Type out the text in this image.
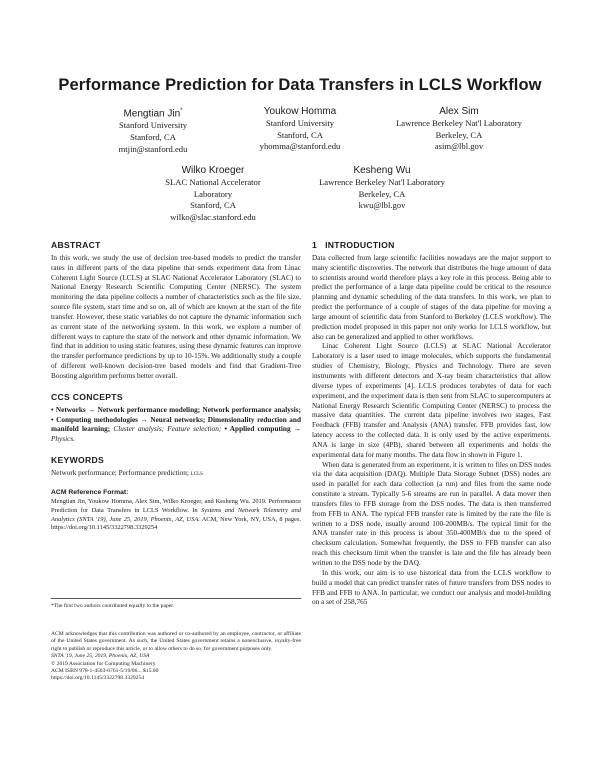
Performance Prediction for Data Transfers in LCLS Workflow
Mengtian Jin*
Stanford University
Stanford, CA
mtjin@stanford.edu
Youkow Homma
Stanford University
Stanford, CA
yhomma@stanford.edu
Alex Sim
Lawrence Berkeley Nat'l Laboratory
Berkeley, CA
asim@lbl.gov
Wilko Kroeger
SLAC National Accelerator Laboratory
Stanford, CA
wilko@slac.stanford.edu
Kesheng Wu
Lawrence Berkeley Nat'l Laboratory
Berkeley, CA
kwu@lbl.gov
ABSTRACT

In this work, we study the use of decision tree-based models to predict the transfer rates in different parts of the data pipeline that sends experiment data from Linac Coherent Light Source (LCLS) at SLAC National Accelerator Laboratory (SLAC) to National Energy Research Scientific Computing Center (NERSC). The system monitoring the data pipeline collects a number of characteristics such as the file size, source file system, start time and so on, all of which are known at the start of the file transfer. However, these static variables do not capture the dynamic information such as current state of the networking system. In this work, we explore a number of different ways to capture the state of the network and other dynamic information. We find that in addition to using static features, using these dynamic features can improve the transfer performance predictions by up to 10-15%. We additionally study a couple of different well-known decision-tree based models and find that Gradient-Tree Boosting algorithm performs better overall.

CCS CONCEPTS

• Networks → Network performance modeling; Network performance analysis; • Computing methodologies → Neural networks; Dimensionality reduction and manifold learning; Cluster analysis; Feature selection; • Applied computing → Physics.

KEYWORDS

Network performance; Performance prediction; lcls

ACM Reference Format:
Mengtian Jin, Youkow Homma, Alex Sim, Wilko Kroeger, and Kesheng Wu. 2019. Performance Prediction for Data Transfers in LCLS Workflow. In Systems and Network Telemetry and Analytics (SNTA '19), June 25, 2019, Phoenix, AZ, USA. ACM, New York, NY, USA, 8 pages. https://doi.org/10.1145/3322798.3329254
*The first two authors contributed equally to the paper.
ACM acknowledges that this contribution was authored or co-authored by an employee, contractor, or affiliate of the United States government. As such, the United States government retains a nonexclusive, royalty-free right to publish or reproduce this article, or to allow others to do so, for government purposes only.
SNTA '19, June 25, 2019, Phoenix, AZ, USA
© 2019 Association for Computing Machinery.
ACM ISBN 978-1-4503-6761-5/19/06... $15.00
https://doi.org/10.1145/3322798.3329254
1 INTRODUCTION

Data collected from large scientific facilities nowadays are the major support to many scientific discoveries. The network that distributes the huge amount of data to scientists around world therefore plays a key role in this process. Being able to predict the performance of a large data pipeline could be critical to the resource planning and dynamic scheduling of the data transfers. In this work, we plan to predict the performance of a couple of stages of the data pipeline for moving a large amount of scientific data from Stanford to Berkeley (LCLS workflow). The prediction model proposed in this paper not only works for LCLS workflow, but also can be generalized and applied to other workflows.

Linac Coherent Light Source (LCLS) at SLAC National Accelerator Laboratory is a laser used to image molecules, which supports the fundamental studies of Chemistry, Biology, Physics and Technology. There are seven instruments with different detectors and X-ray beam characteristics that allow diverse types of experiments [4]. LCLS produces terabytes of data for each experiment, and the experiment data is then sent from SLAC to supercomputers at National Energy Research Scientific Computing Center (NERSC) to process the massive data quantities. The current data pipeline involves two stages, Fast Feedback (FFB) transfer and Analysis (ANA) transfer. FFB provides fast, low latency access to the collected data. It is only used by the active experiments. ANA is large in size (4PB), shared between all experiments and holds the experimental data for many months. The data flow in shown in Figure 1.

When data is generated from an experiment, it is written to files on DSS nodes via the data acquisition (DAQ). Multiple Data Storage Subnet (DSS) nodes are used in parallel for each data collection (a run) and files from the same node constitute a stream. Typically 5-6 streams are run in parallel. A data mover then transfers files to FFB storage from the DSS nodes. The data is then transferred from FFB to ANA. The typical FFB transfer rate is limited by the rate the file is written to a DSS node, usually around 100-200MB/s. The typical limit for the ANA transfer rate in this process is about 350-400MB/s due to the speed of checksum calculation. Somewhat frequently, the DSS to FFB transfer can also reach this checksum limit when the transfer is late and the file has already been written to the DSS node by the DAQ.

In this work, our aim is to use historical data from the LCLS workflow to build a model that can predict transfer rates of future transfers from DSS nodes to FFB and FFB to ANA. In particular, we conduct our analysis and model-building on a set of 258,765
